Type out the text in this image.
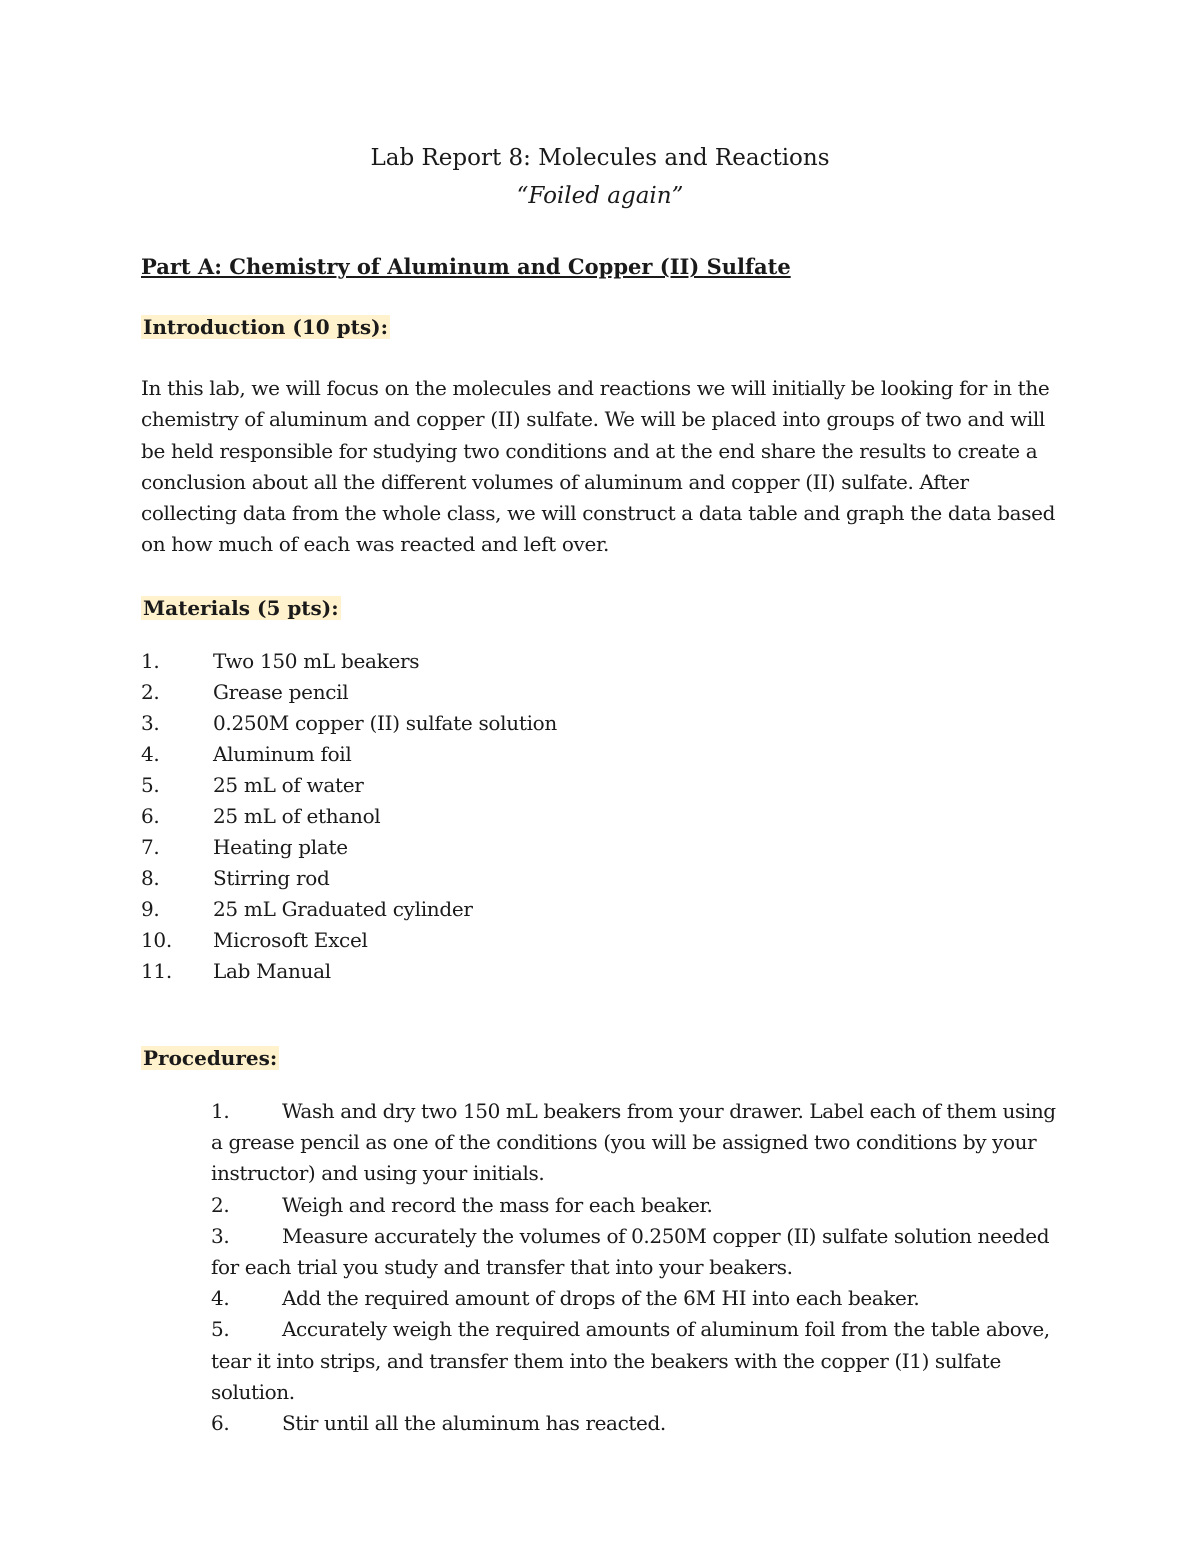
Lab Report 8: Molecules and Reactions
“Foiled again”
Part A: Chemistry of Aluminum and Copper (II) Sulfate
Introduction (10 pts):
In this lab, we will focus on the molecules and reactions we will initially be looking for in the chemistry of aluminum and copper (II) sulfate. We will be placed into groups of two and will be held responsible for studying two conditions and at the end share the results to create a conclusion about all the different volumes of aluminum and copper (II) sulfate. After collecting data from the whole class, we will construct a data table and graph the data based on how much of each was reacted and left over.
Materials (5 pts):
1.	Two 150 mL beakers
2.	Grease pencil
3.	0.250M copper (II) sulfate solution
4.	Aluminum foil
5.	25 mL of water
6.	25 mL of ethanol
7.	Heating plate
8.	Stirring rod
9.	25 mL Graduated cylinder
10. Microsoft Excel
11. Lab Manual
Procedures:
1.	Wash and dry two 150 mL beakers from your drawer. Label each of them using a grease pencil as one of the conditions (you will be assigned two conditions by your instructor) and using your initials.
2.	Weigh and record the mass for each beaker.
3.	Measure accurately the volumes of 0.250M copper (II) sulfate solution needed for each trial you study and transfer that into your beakers.
4.	Add the required amount of drops of the 6M HI into each beaker.
5.	Accurately weigh the required amounts of aluminum foil from the table above, tear it into strips, and transfer them into the beakers with the copper (I1) sulfate solution.
6.	Stir until all the aluminum has reacted.
